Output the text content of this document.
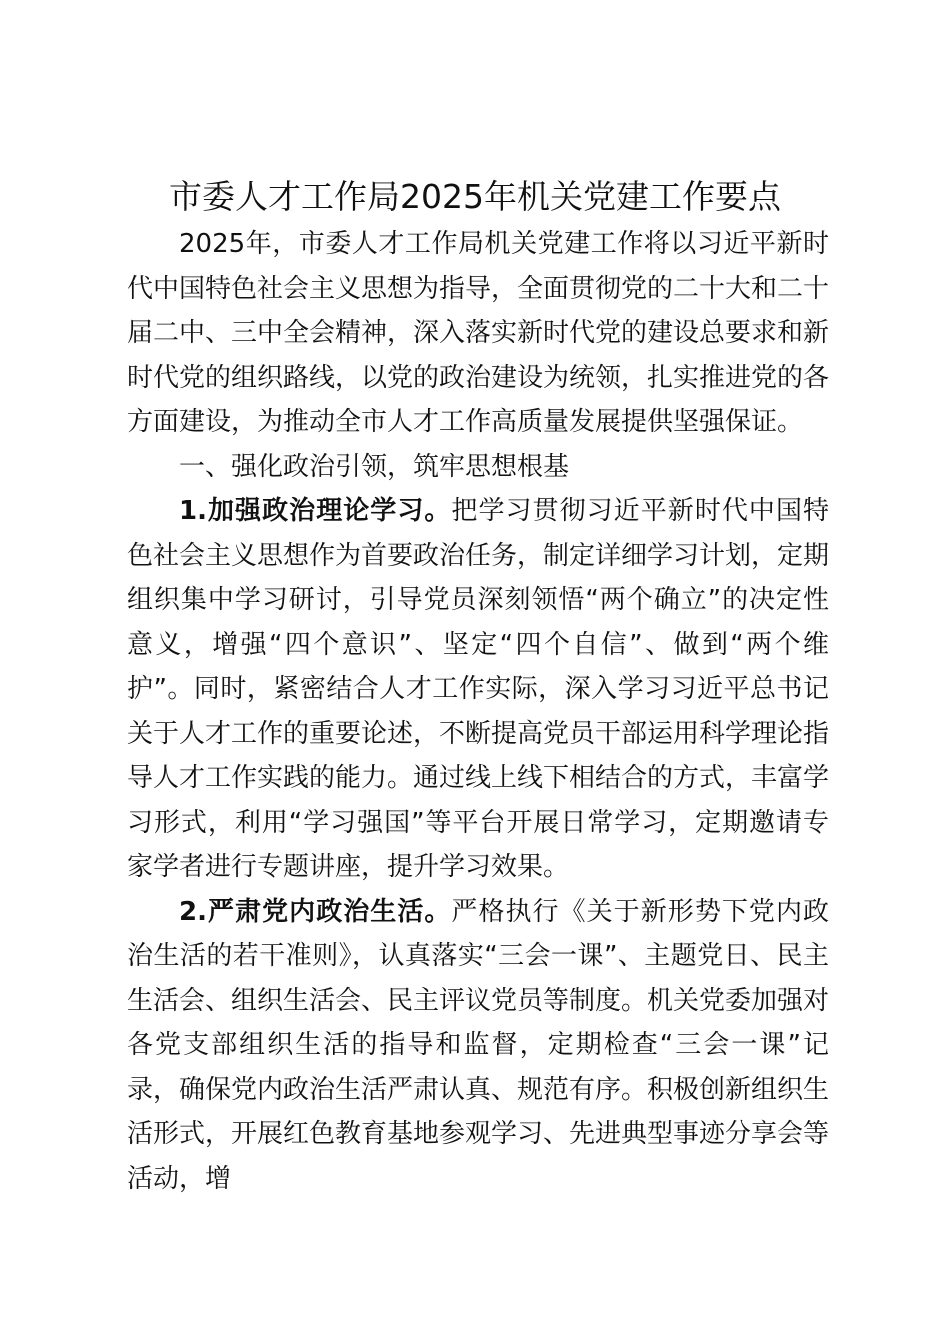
市委人才工作局2025年机关党建工作要点

2025年，市委人才工作局机关党建工作将以习近平新时代中国特色社会主义思想为指导，全面贯彻党的二十大和二十届二中、三中全会精神，深入落实新时代党的建设总要求和新时代党的组织路线，以党的政治建设为统领，扎实推进党的各方面建设，为推动全市人才工作高质量发展提供坚强保证。

一、强化政治引领，筑牢思想根基

1.加强政治理论学习。把学习贯彻习近平新时代中国特色社会主义思想作为首要政治任务，制定详细学习计划，定期组织集中学习研讨，引导党员深刻领悟“两个确立”的决定性意义，增强“四个意识”、坚定“四个自信”、做到“两个维护”。同时，紧密结合人才工作实际，深入学习习近平总书记关于人才工作的重要论述，不断提高党员干部运用科学理论指导人才工作实践的能力。通过线上线下相结合的方式，丰富学习形式，利用“学习强国”等平台开展日常学习，定期邀请专家学者进行专题讲座，提升学习效果。

2.严肃党内政治生活。严格执行《关于新形势下党内政治生活的若干准则》，认真落实“三会一课”、主题党日、民主生活会、组织生活会、民主评议党员等制度。机关党委加强对各党支部组织生活的指导和监督，定期检查“三会一课”记录，确保党内政治生活严肃认真、规范有序。积极创新组织生活形式，开展红色教育基地参观学习、先进典型事迹分享会等活动，增
